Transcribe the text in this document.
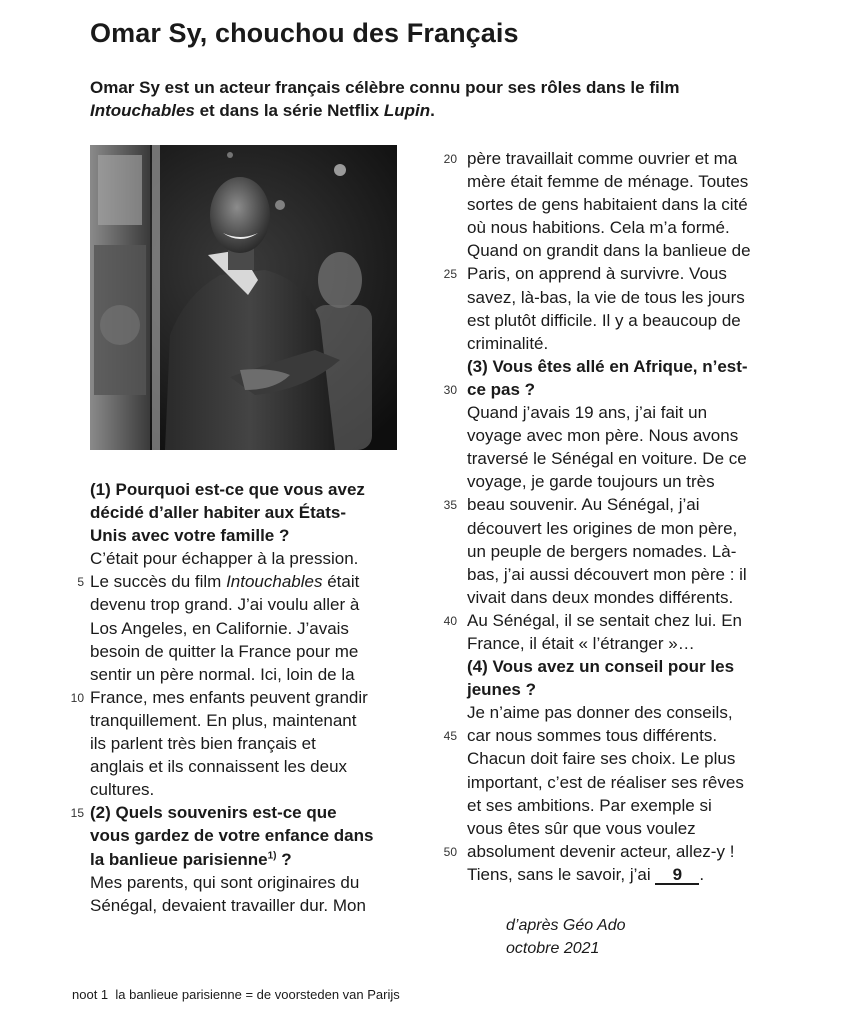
Omar Sy, chouchou des Français

Omar Sy est un acteur français célèbre connu pour ses rôles dans le film
Intouchables et dans la série Netflix Lupin.

(1) Pourquoi est-ce que vous avez
décidé d’aller habiter aux États-
Unis avec votre famille ?
C’était pour échapper à la pression.
5 Le succès du film Intouchables était
devenu trop grand. J’ai voulu aller à
Los Angeles, en Californie. J’avais
besoin de quitter la France pour me
sentir un père normal. Ici, loin de la
10 France, mes enfants peuvent grandir
tranquillement. En plus, maintenant
ils parlent très bien français et
anglais et ils connaissent les deux
cultures.
15 (2) Quels souvenirs est-ce que
vous gardez de votre enfance dans
la banlieue parisienne$^{1)}$ ?
Mes parents, qui sont originaires du
Sénégal, devaient travailler dur. Mon
20 père travaillait comme ouvrier et ma
mère était femme de ménage. Toutes
sortes de gens habitaient dans la cité
où nous habitions. Cela m’a formé.
Quand on grandit dans la banlieue de
25 Paris, on apprend à survivre. Vous
savez, là-bas, la vie de tous les jours
est plutôt difficile. Il y a beaucoup de
criminalité.
(3) Vous êtes allé en Afrique, n’est-
30 ce pas ?
Quand j’avais 19 ans, j’ai fait un
voyage avec mon père. Nous avons
traversé le Sénégal en voiture. De ce
voyage, je garde toujours un très
35 beau souvenir. Au Sénégal, j’ai
découvert les origines de mon père,
un peuple de bergers nomades. Là-
bas, j’ai aussi découvert mon père : il
vivait dans deux mondes différents.
40 Au Sénégal, il se sentait chez lui. En
France, il était « l’étranger »…
(4) Vous avez un conseil pour les
jeunes ?
Je n’aime pas donner des conseils,
45 car nous sommes tous différents.
Chacun doit faire ses choix. Le plus
important, c’est de réaliser ses rêves
et ses ambitions. Par exemple si
vous êtes sûr que vous voulez
50 absolument devenir acteur, allez-y !
Tiens, sans le savoir, j’ai 9 .
d’après Géo Ado
octobre 2021
noot 1  la banlieue parisienne = de voorsteden van Parijs
